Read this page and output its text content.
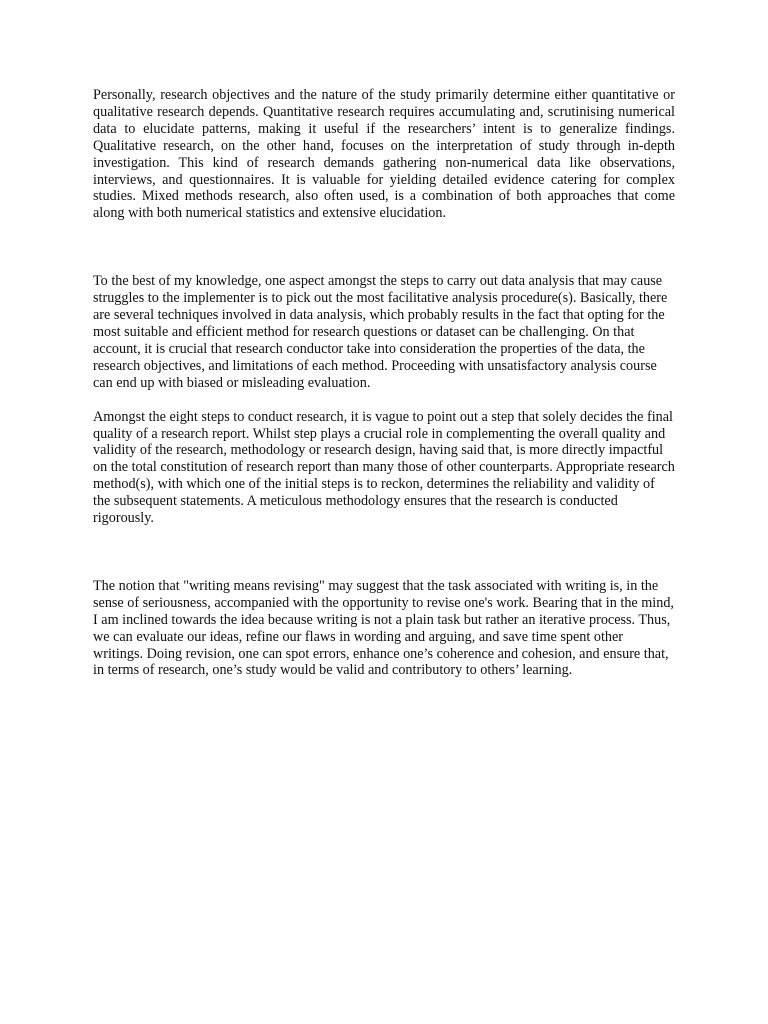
Personally, research objectives and the nature of the study primarily determine either quantitative or qualitative research depends. Quantitative research requires accumulating and, scrutinising numerical data to elucidate patterns, making it useful if the researchers’ intent is to generalize findings. Qualitative research, on the other hand, focuses on the interpretation of study through in-depth investigation. This kind of research demands gathering non-numerical data like observations, interviews, and questionnaires. It is valuable for yielding detailed evidence catering for complex studies. Mixed methods research, also often used, is a combination of both approaches that come along with both numerical statistics and extensive elucidation.

To the best of my knowledge, one aspect amongst the steps to carry out data analysis that may cause struggles to the implementer is to pick out the most facilitative analysis procedure(s). Basically, there are several techniques involved in data analysis, which probably results in the fact that opting for the most suitable and efficient method for research questions or dataset can be challenging. On that account, it is crucial that research conductor take into consideration the properties of the data, the research objectives, and limitations of each method. Proceeding with unsatisfactory analysis course can end up with biased or misleading evaluation.

Amongst the eight steps to conduct research, it is vague to point out a step that solely decides the final quality of a research report. Whilst step plays a crucial role in complementing the overall quality and validity of the research, methodology or research design, having said that, is more directly impactful on the total constitution of research report than many those of other counterparts. Appropriate research method(s), with which one of the initial steps is to reckon, determines the reliability and validity of the subsequent statements. A meticulous methodology ensures that the research is conducted rigorously.

The notion that "writing means revising" may suggest that the task associated with writing is, in the sense of seriousness, accompanied with the opportunity to revise one's work. Bearing that in the mind, I am inclined towards the idea because writing is not a plain task but rather an iterative process. Thus, we can evaluate our ideas, refine our flaws in wording and arguing, and save time spent other writings. Doing revision, one can spot errors, enhance one’s coherence and cohesion, and ensure that, in terms of research, one’s study would be valid and contributory to others’ learning.
